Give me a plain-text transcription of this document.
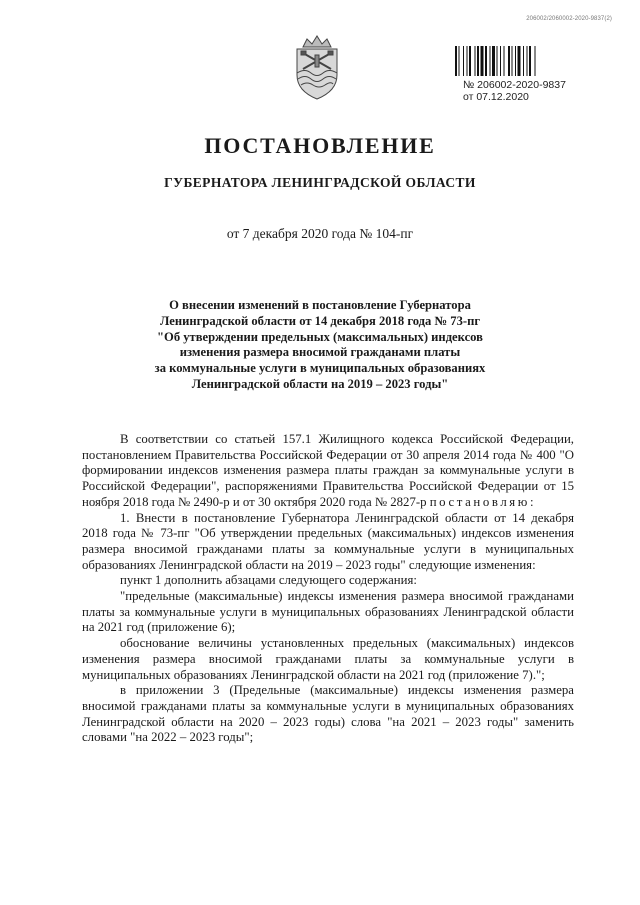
206002/2060002-2020-9837(2)
№ 206002-2020-9837
от 07.12.2020
ПОСТАНОВЛЕНИЕ
ГУБЕРНАТОРА ЛЕНИНГРАДСКОЙ ОБЛАСТИ
от 7 декабря 2020 года № 104-пг
О внесении изменений в постановление Губернатора
Ленинградской области от 14 декабря 2018 года № 73-пг
"Об утверждении предельных (максимальных) индексов
изменения размера вносимой гражданами платы
за коммунальные услуги в муниципальных образованиях
Ленинградской области на 2019 – 2023 годы"

В соответствии со статьей 157.1 Жилищного кодекса Российской Федерации, постановлением Правительства Российской Федерации от 30 апреля 2014 года № 400 "О формировании индексов изменения размера платы граждан за коммунальные услуги в Российской Федерации", распоряжениями Правительства Российской Федерации от 15 ноября 2018 года № 2490-р и от 30 октября 2020 года № 2827-р постановляю:

1. Внести в постановление Губернатора Ленинградской области от 14 декабря 2018 года № 73-пг "Об утверждении предельных (максимальных) индексов изменения размера вносимой гражданами платы за коммунальные услуги в муниципальных образованиях Ленинградской области на 2019 – 2023 годы" следующие изменения:

пункт 1 дополнить абзацами следующего содержания:

"предельные (максимальные) индексы изменения размера вносимой гражданами платы за коммунальные услуги в муниципальных образованиях Ленинградской области на 2021 год (приложение 6);

обоснование величины установленных предельных (максимальных) индексов изменения размера вносимой гражданами платы за коммунальные услуги в муниципальных образованиях Ленинградской области на 2021 год (приложение 7).";

в приложении 3 (Предельные (максимальные) индексы изменения размера вносимой гражданами платы за коммунальные услуги в муниципальных образованиях Ленинградской области на 2020 – 2023 годы) слова "на 2021 – 2023 годы" заменить словами "на 2022 – 2023 годы";
